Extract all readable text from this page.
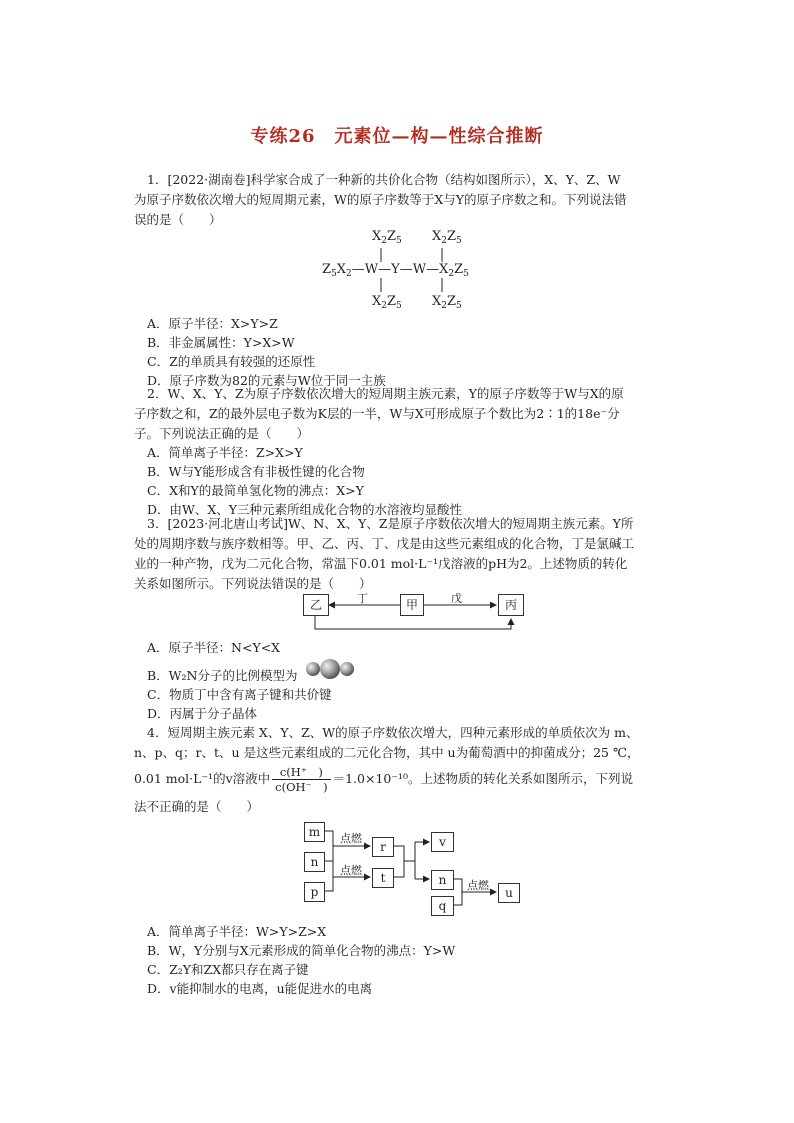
专练26　元素位—构—性综合推断
1．[2022·湖南卷]科学家合成了一种新的共价化合物（结构如图所示），X、Y、Z、W
为原子序数依次增大的短周期元素，W的原子序数等于X与Y的原子序数之和。下列说法错
误的是（　　）
$X_2Z_5$ $X_2Z_5$
$Z_5X_2—W—Y—W—X_2Z_5$
$X_2Z_5$ $X_2Z_5$
A．原子半径：X>Y>Z
B．非金属属性：Y>X>W
C．Z的单质具有较强的还原性
D．原子序数为82的元素与W位于同一主族
2．W、X、Y、Z为原子序数依次增大的短周期主族元素，Y的原子序数等于W与X的原
子序数之和，Z的最外层电子数为K层的一半，W与X可形成原子个数比为2∶1的18e⁻分
子。下列说法正确的是（　　）
A．简单离子半径：Z>X>Y
B．W与Y能形成含有非极性键的化合物
C．X和Y的最简单氢化物的沸点：X>Y
D．由W、X、Y三种元素所组成化合物的水溶液均显酸性
3．[2023·河北唐山考试]W、N、X、Y、Z是原子序数依次增大的短周期主族元素。Y所
处的周期序数与族序数相等。甲、乙、丙、丁、戊是由这些元素组成的化合物，丁是氯碱工
业的一种产物，戊为二元化合物，常温下0.01 mol·L⁻¹戊溶液的pH为2。上述物质的转化
关系如图所示。下列说法错误的是（　　）
乙	甲	丙
丁	戊
A．原子半径：N<Y<X
B．W₂N分子的比例模型为
C．物质丁中含有离子键和共价键
D．丙属于分子晶体
4．短周期主族元素 X、Y、Z、W的原子序数依次增大，四种元素形成的单质依次为 m、
n、p、q；r、t、u 是这些元素组成的二元化合物，其中 u为葡萄酒中的抑菌成分；25 ℃，
0.01 mol·L⁻¹的v溶液中 $\frac{c(H^+ )}{c(OH^- )} =1.0\times 10^{-10}$。上述物质的转化关系如图所示，下列说
法不正确的是（　　）
m
n
p
r
t
v
n
q
u
点燃
点燃
点燃
A．简单离子半径：W>Y>Z>X
B．W，Y分别与X元素形成的简单化合物的沸点：Y>W
C．Z₂Y和ZX都只存在离子键
D．v能抑制水的电离，u能促进水的电离
